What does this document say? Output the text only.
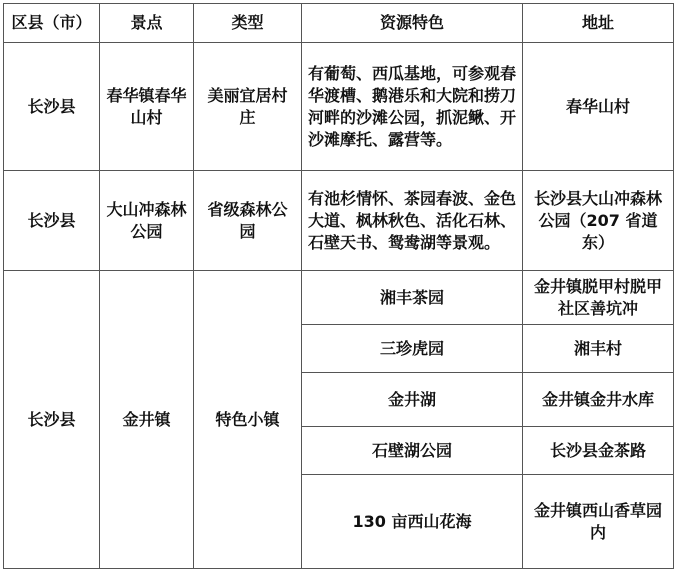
区县（市）	景点	类型	资源特色	地址
长沙县	春华镇春华山村	美丽宜居村庄	有葡萄、西瓜基地，可参观春华渡槽、鹅港乐和大院和捞刀河畔的沙滩公园，抓泥鳅、开沙滩摩托、露营等。	春华山村
长沙县	大山冲森林公园	省级森林公园	有池杉情怀、茶园春波、金色大道、枫林秋色、活化石林、石壁天书、鸳鸯湖等景观。	长沙县大山冲森林公园（207 省道东）
长沙县	金井镇	特色小镇	湘丰茶园	金井镇脱甲村脱甲社区善坑冲
			三珍虎园	湘丰村
			金井湖	金井镇金井水库
			石壁湖公园	长沙县金茶路
			130 亩西山花海	金井镇西山香草园内
